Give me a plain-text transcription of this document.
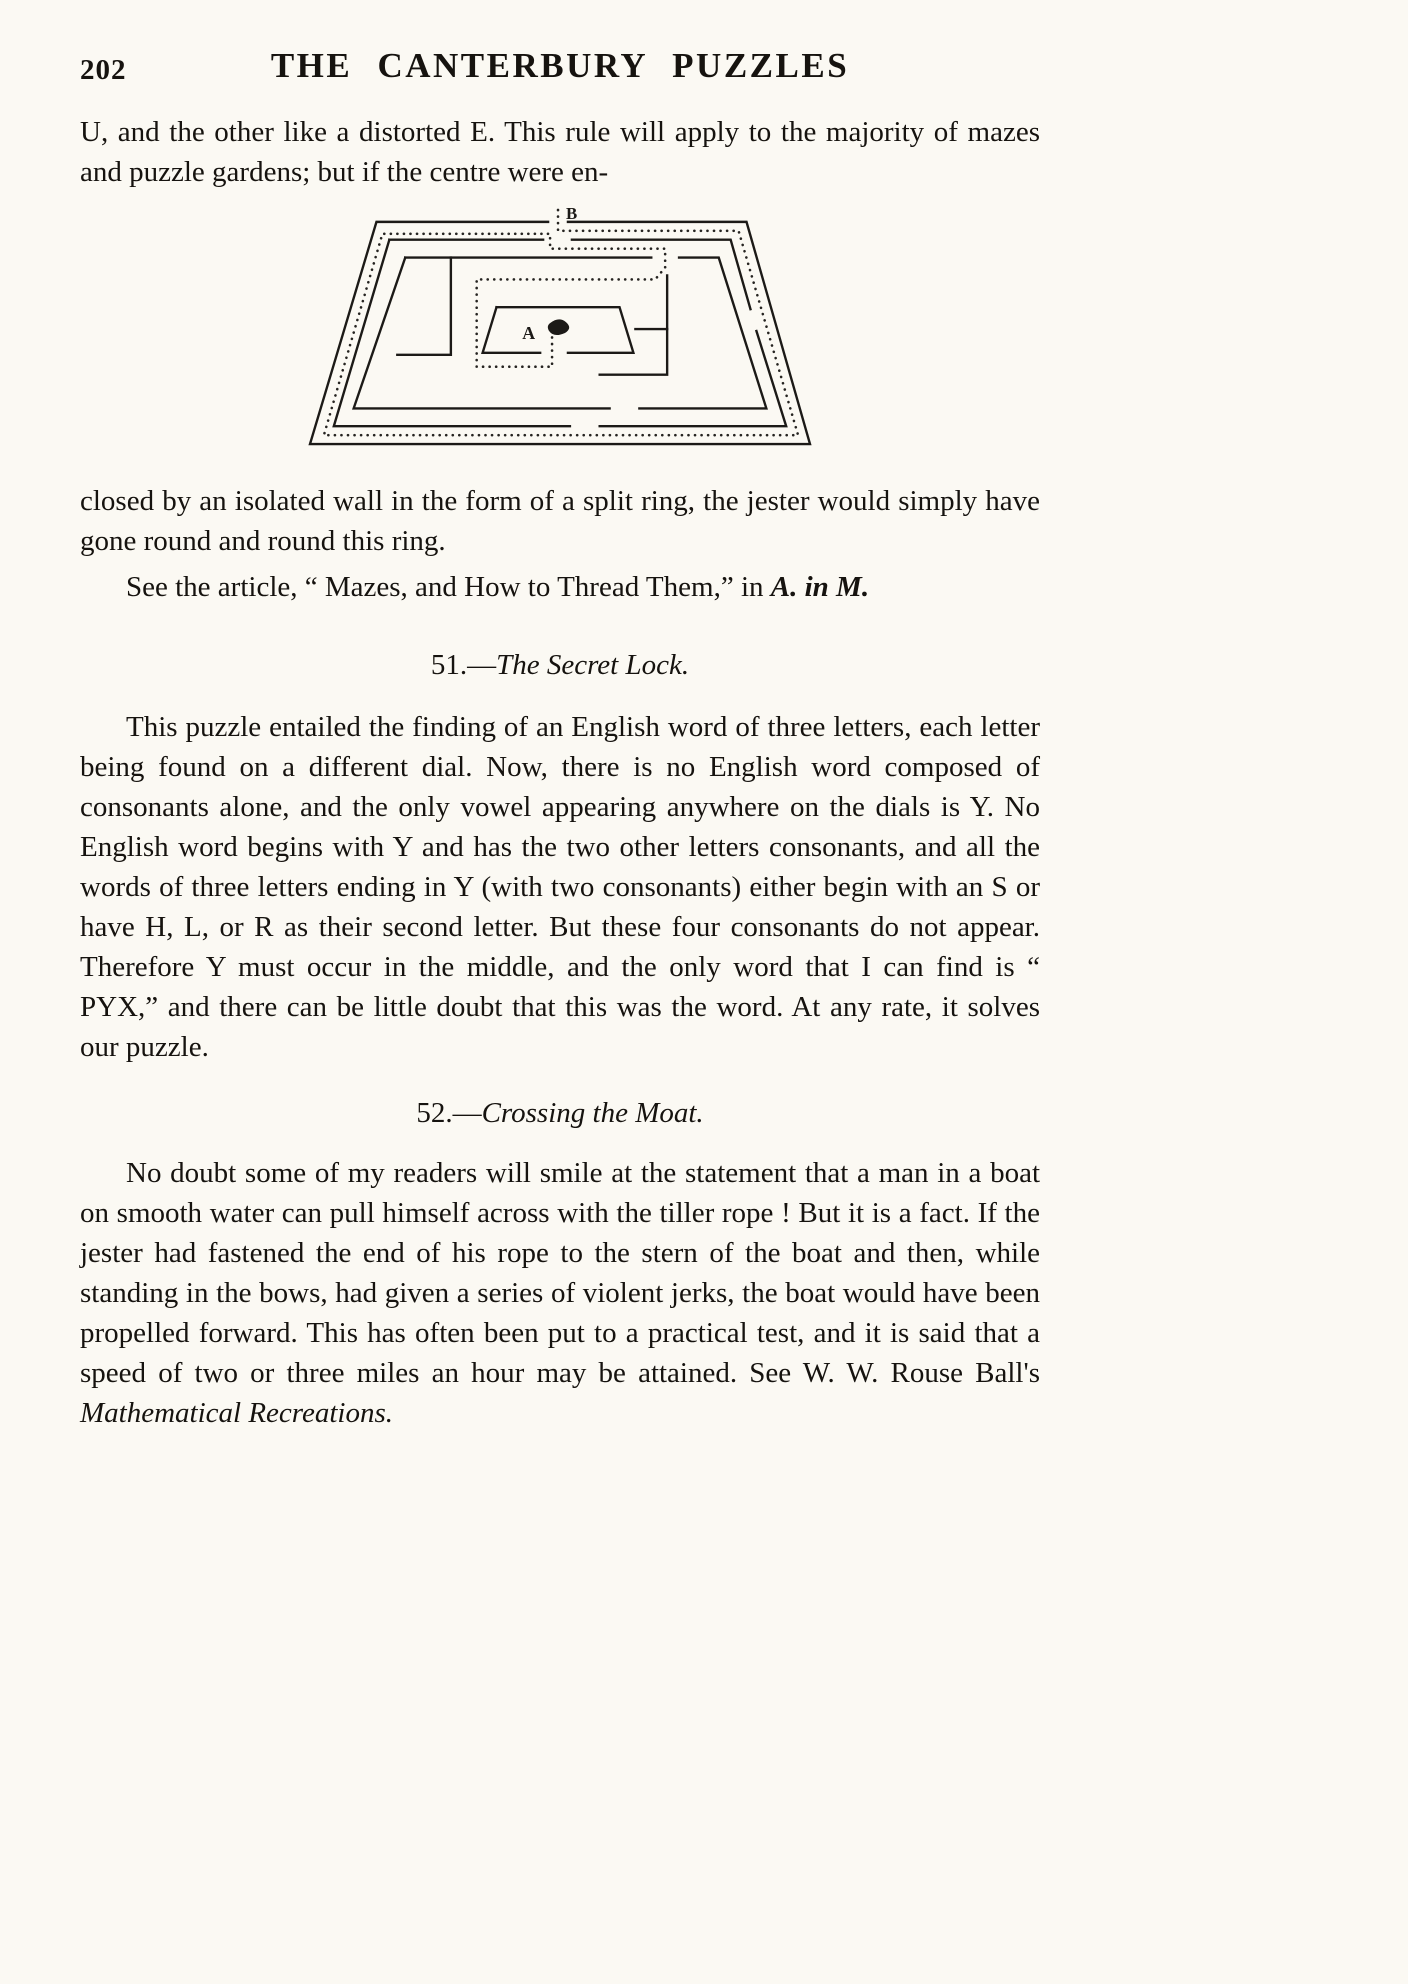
202	THE CANTERBURY PUZZLES

U, and the other like a distorted E. This rule will apply to the majority of mazes and puzzle gardens; but if the centre were en-

B
A

closed by an isolated wall in the form of a split ring, the jester would simply have gone round and round this ring.

See the article, “ Mazes, and How to Thread Them,” in A. in M.

51.—The Secret Lock.

This puzzle entailed the finding of an English word of three letters, each letter being found on a different dial. Now, there is no English word composed of consonants alone, and the only vowel appearing anywhere on the dials is Y. No English word begins with Y and has the two other letters consonants, and all the words of three letters ending in Y (with two consonants) either begin with an S or have H, L, or R as their second letter. But these four consonants do not appear. Therefore Y must occur in the middle, and the only word that I can find is “ PYX,” and there can be little doubt that this was the word. At any rate, it solves our puzzle.

52.—Crossing the Moat.

No doubt some of my readers will smile at the statement that a man in a boat on smooth water can pull himself across with the tiller rope ! But it is a fact. If the jester had fastened the end of his rope to the stern of the boat and then, while standing in the bows, had given a series of violent jerks, the boat would have been propelled forward. This has often been put to a practical test, and it is said that a speed of two or three miles an hour may be attained. See W. W. Rouse Ball's Mathematical Recreations.
